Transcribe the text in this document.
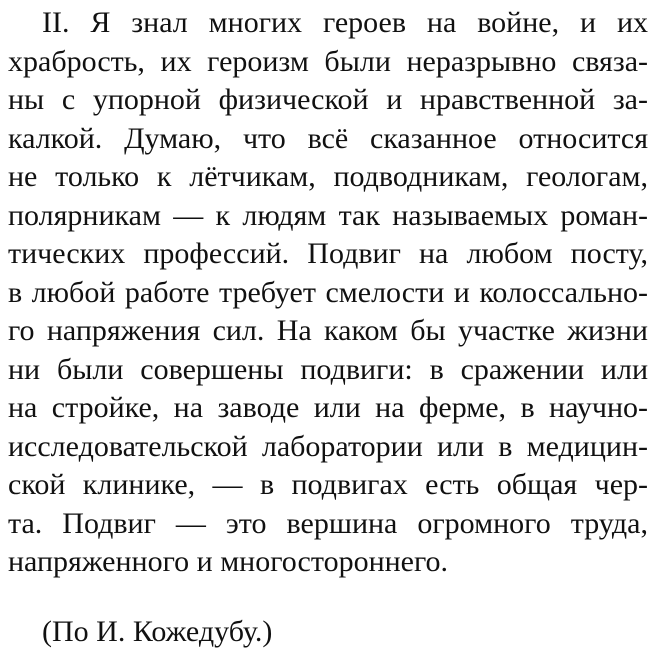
II. Я знал многих героев на войне, и их
храбрость, их героизм были неразрывно связа-
ны с упорной физической и нравственной за-
калкой. Думаю, что всё сказанное относится
не только к лётчикам, подводникам, геологам,
полярникам — к людям так называемых роман-
тических профессий. Подвиг на любом посту,
в любой работе требует смелости и колоссально-
го напряжения сил. На каком бы участке жизни
ни были совершены подвиги: в сражении или
на стройке, на заводе или на ферме, в научно-
исследовательской лаборатории или в медицин-
ской клинике, — в подвигах есть общая чер-
та. Подвиг — это вершина огромного труда,
напряженного и многостороннего.

(По И. Кожедубу.)
